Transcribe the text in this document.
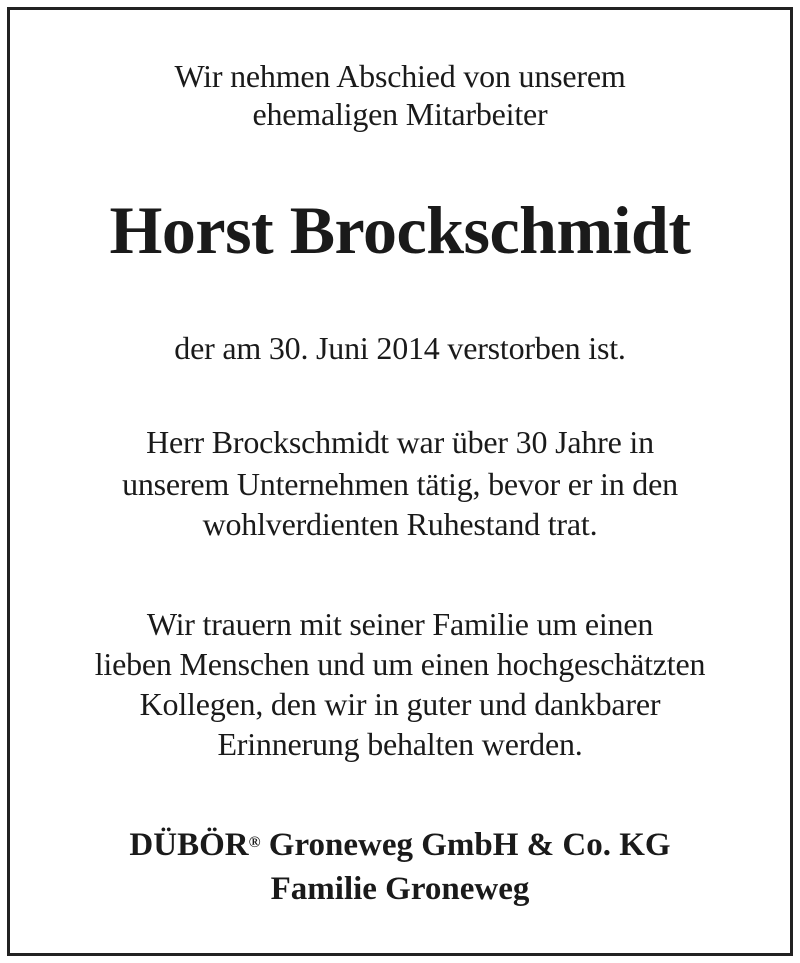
Wir nehmen Abschied von unserem
ehemaligen Mitarbeiter
Horst Brockschmidt
der am 30. Juni 2014 verstorben ist.
Herr Brockschmidt war über 30 Jahre in
unserem Unternehmen tätig, bevor er in den
wohlverdienten Ruhestand trat.
Wir trauern mit seiner Familie um einen
lieben Menschen und um einen hochgeschätzten
Kollegen, den wir in guter und dankbarer
Erinnerung behalten werden.
DÜBÖR® Groneweg GmbH & Co. KG
Familie Groneweg
